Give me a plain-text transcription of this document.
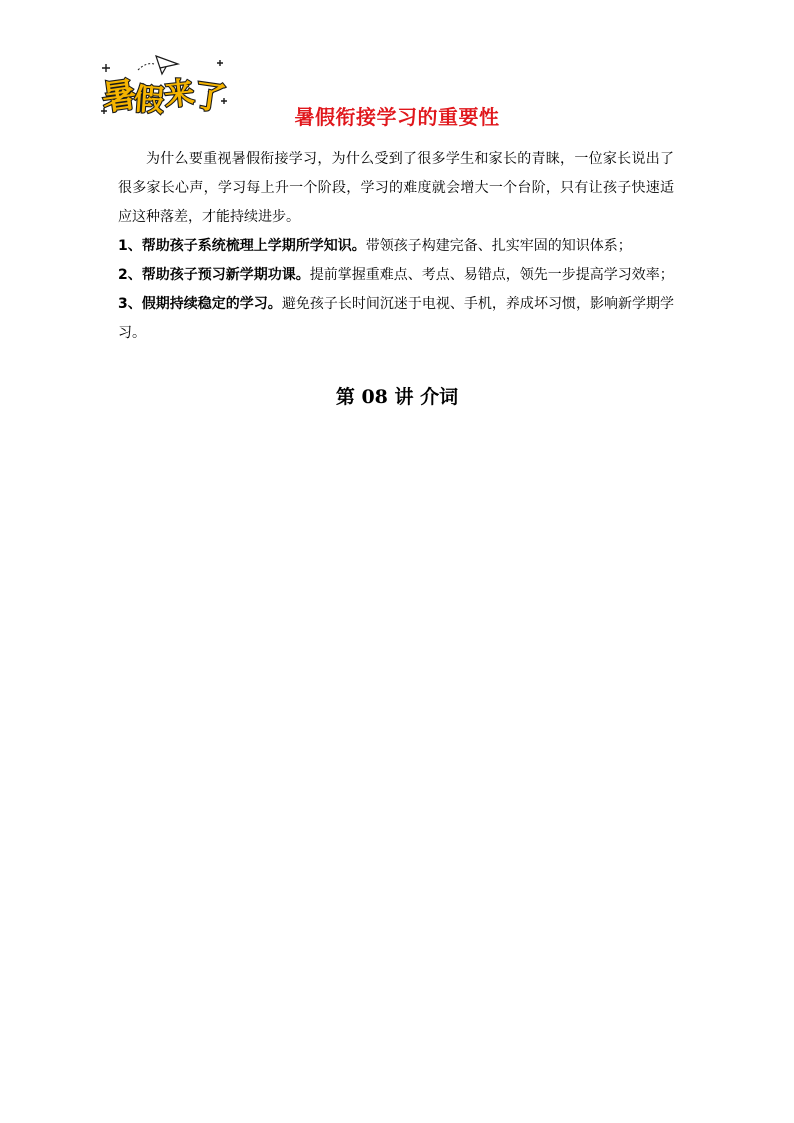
暑
假
来
了	暑假衔接学习的重要性

为什么要重视暑假衔接学习，为什么受到了很多学生和家长的青睐，一位家长说出了很多家长心声，学习每上升一个阶段，学习的难度就会增大一个台阶，只有让孩子快速适应这种落差，才能持续进步。

1、帮助孩子系统梳理上学期所学知识。带领孩子构建完备、扎实牢固的知识体系；

2、帮助孩子预习新学期功课。提前掌握重难点、考点、易错点，领先一步提高学习效率；

3、假期持续稳定的学习。避免孩子长时间沉迷于电视、手机，养成坏习惯，影响新学期学习。

第 08 讲 介词
